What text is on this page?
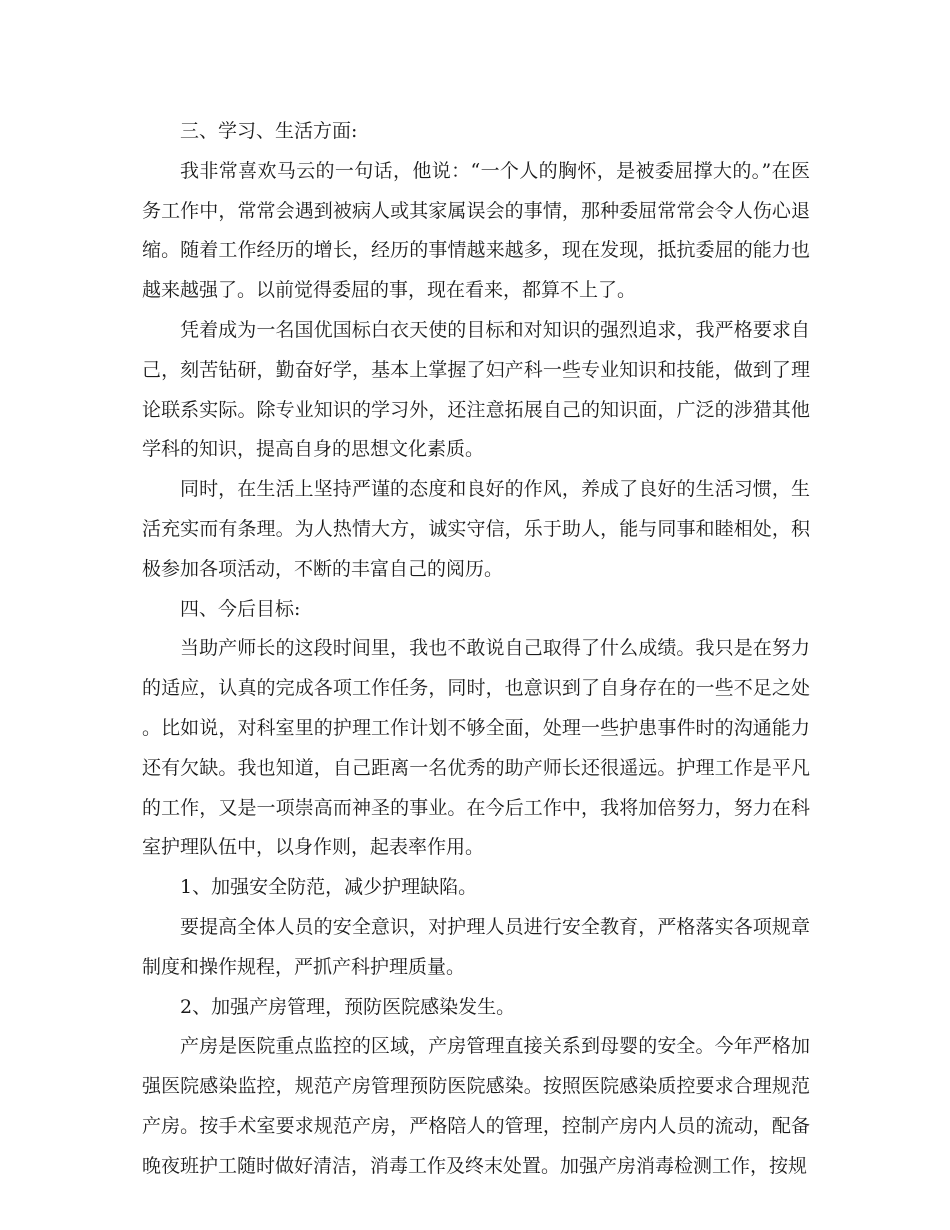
三、学习、生活方面:

我非常喜欢马云的一句话，他说：“一个人的胸怀，是被委屈撑大的。”在医务工作中，常常会遇到被病人或其家属误会的事情，那种委屈常常会令人伤心退缩。随着工作经历的增长，经历的事情越来越多，现在发现，抵抗委屈的能力也越来越强了。以前觉得委屈的事，现在看来，都算不上了。

凭着成为一名国优国标白衣天使的目标和对知识的强烈追求，我严格要求自己，刻苦钻研，勤奋好学，基本上掌握了妇产科一些专业知识和技能，做到了理论联系实际。除专业知识的学习外，还注意拓展自己的知识面，广泛的涉猎其他学科的知识，提高自身的思想文化素质。

同时，在生活上坚持严谨的态度和良好的作风，养成了良好的生活习惯，生活充实而有条理。为人热情大方，诚实守信，乐于助人，能与同事和睦相处，积极参加各项活动，不断的丰富自己的阅历。

四、今后目标:

当助产师长的这段时间里，我也不敢说自己取得了什么成绩。我只是在努力的适应，认真的完成各项工作任务，同时，也意识到了自身存在的一些不足之处。比如说，对科室里的护理工作计划不够全面，处理一些护患事件时的沟通能力还有欠缺。我也知道，自己距离一名优秀的助产师长还很遥远。护理工作是平凡的工作，又是一项崇高而神圣的事业。在今后工作中，我将加倍努力，努力在科室护理队伍中，以身作则，起表率作用。

1、加强安全防范，减少护理缺陷。

要提高全体人员的安全意识，对护理人员进行安全教育，严格落实各项规章制度和操作规程，严抓产科护理质量。

2、加强产房管理，预防医院感染发生。

产房是医院重点监控的区域，产房管理直接关系到母婴的安全。今年严格加强医院感染监控，规范产房管理预防医院感染。按照医院感染质控要求合理规范产房。按手术室要求规范产房，严格陪人的管理，控制产房内人员的流动，配备晚夜班护工随时做好清洁，消毒工作及终末处置。加强产房消毒检测工作，按规
